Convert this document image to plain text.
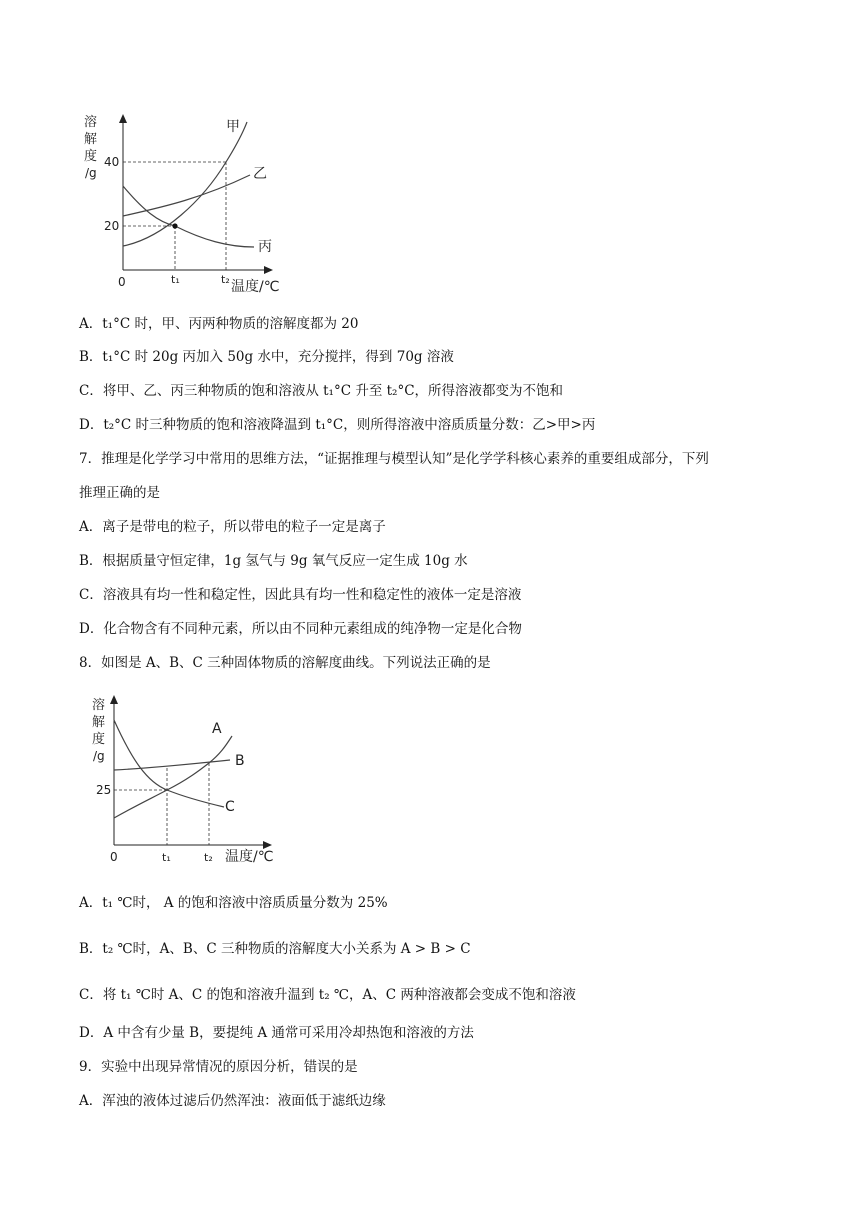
溶
解
度
/g
40
20
0	t₁	t₂ 温度/℃
甲
乙
丙
A．t₁°C 时，甲、丙两种物质的溶解度都为 20
B．t₁°C 时 20g 丙加入 50g 水中，充分搅拌，得到 70g 溶液
C．将甲、乙、丙三种物质的饱和溶液从 t₁°C 升至 t₂°C，所得溶液都变为不饱和
D．t₂°C 时三种物质的饱和溶液降温到 t₁°C，则所得溶液中溶质质量分数：乙>甲>丙
7．推理是化学学习中常用的思维方法，“证据推理与模型认知”是化学学科核心素养的重要组成部分，下列
推理正确的是
A．离子是带电的粒子，所以带电的粒子一定是离子
B．根据质量守恒定律，1g 氢气与 9g 氧气反应一定生成 10g 水
C．溶液具有均一性和稳定性，因此具有均一性和稳定性的液体一定是溶液
D．化合物含有不同种元素，所以由不同种元素组成的纯净物一定是化合物
8．如图是 A、B、C 三种固体物质的溶解度曲线。下列说法正确的是
溶
解
度
/g
25
0	t₁	t₂ 温度/℃
A
B
C
A．t₁ ℃时， A 的饱和溶液中溶质质量分数为 25%
B．t₂ ℃时，A、B、C 三种物质的溶解度大小关系为 A > B > C
C．将 t₁ ℃时 A、C 的饱和溶液升温到 t₂ ℃，A、C 两种溶液都会变成不饱和溶液
D．A 中含有少量 B，要提纯 A 通常可采用冷却热饱和溶液的方法
9．实验中出现异常情况的原因分析，错误的是
A．浑浊的液体过滤后仍然浑浊：液面低于滤纸边缘
